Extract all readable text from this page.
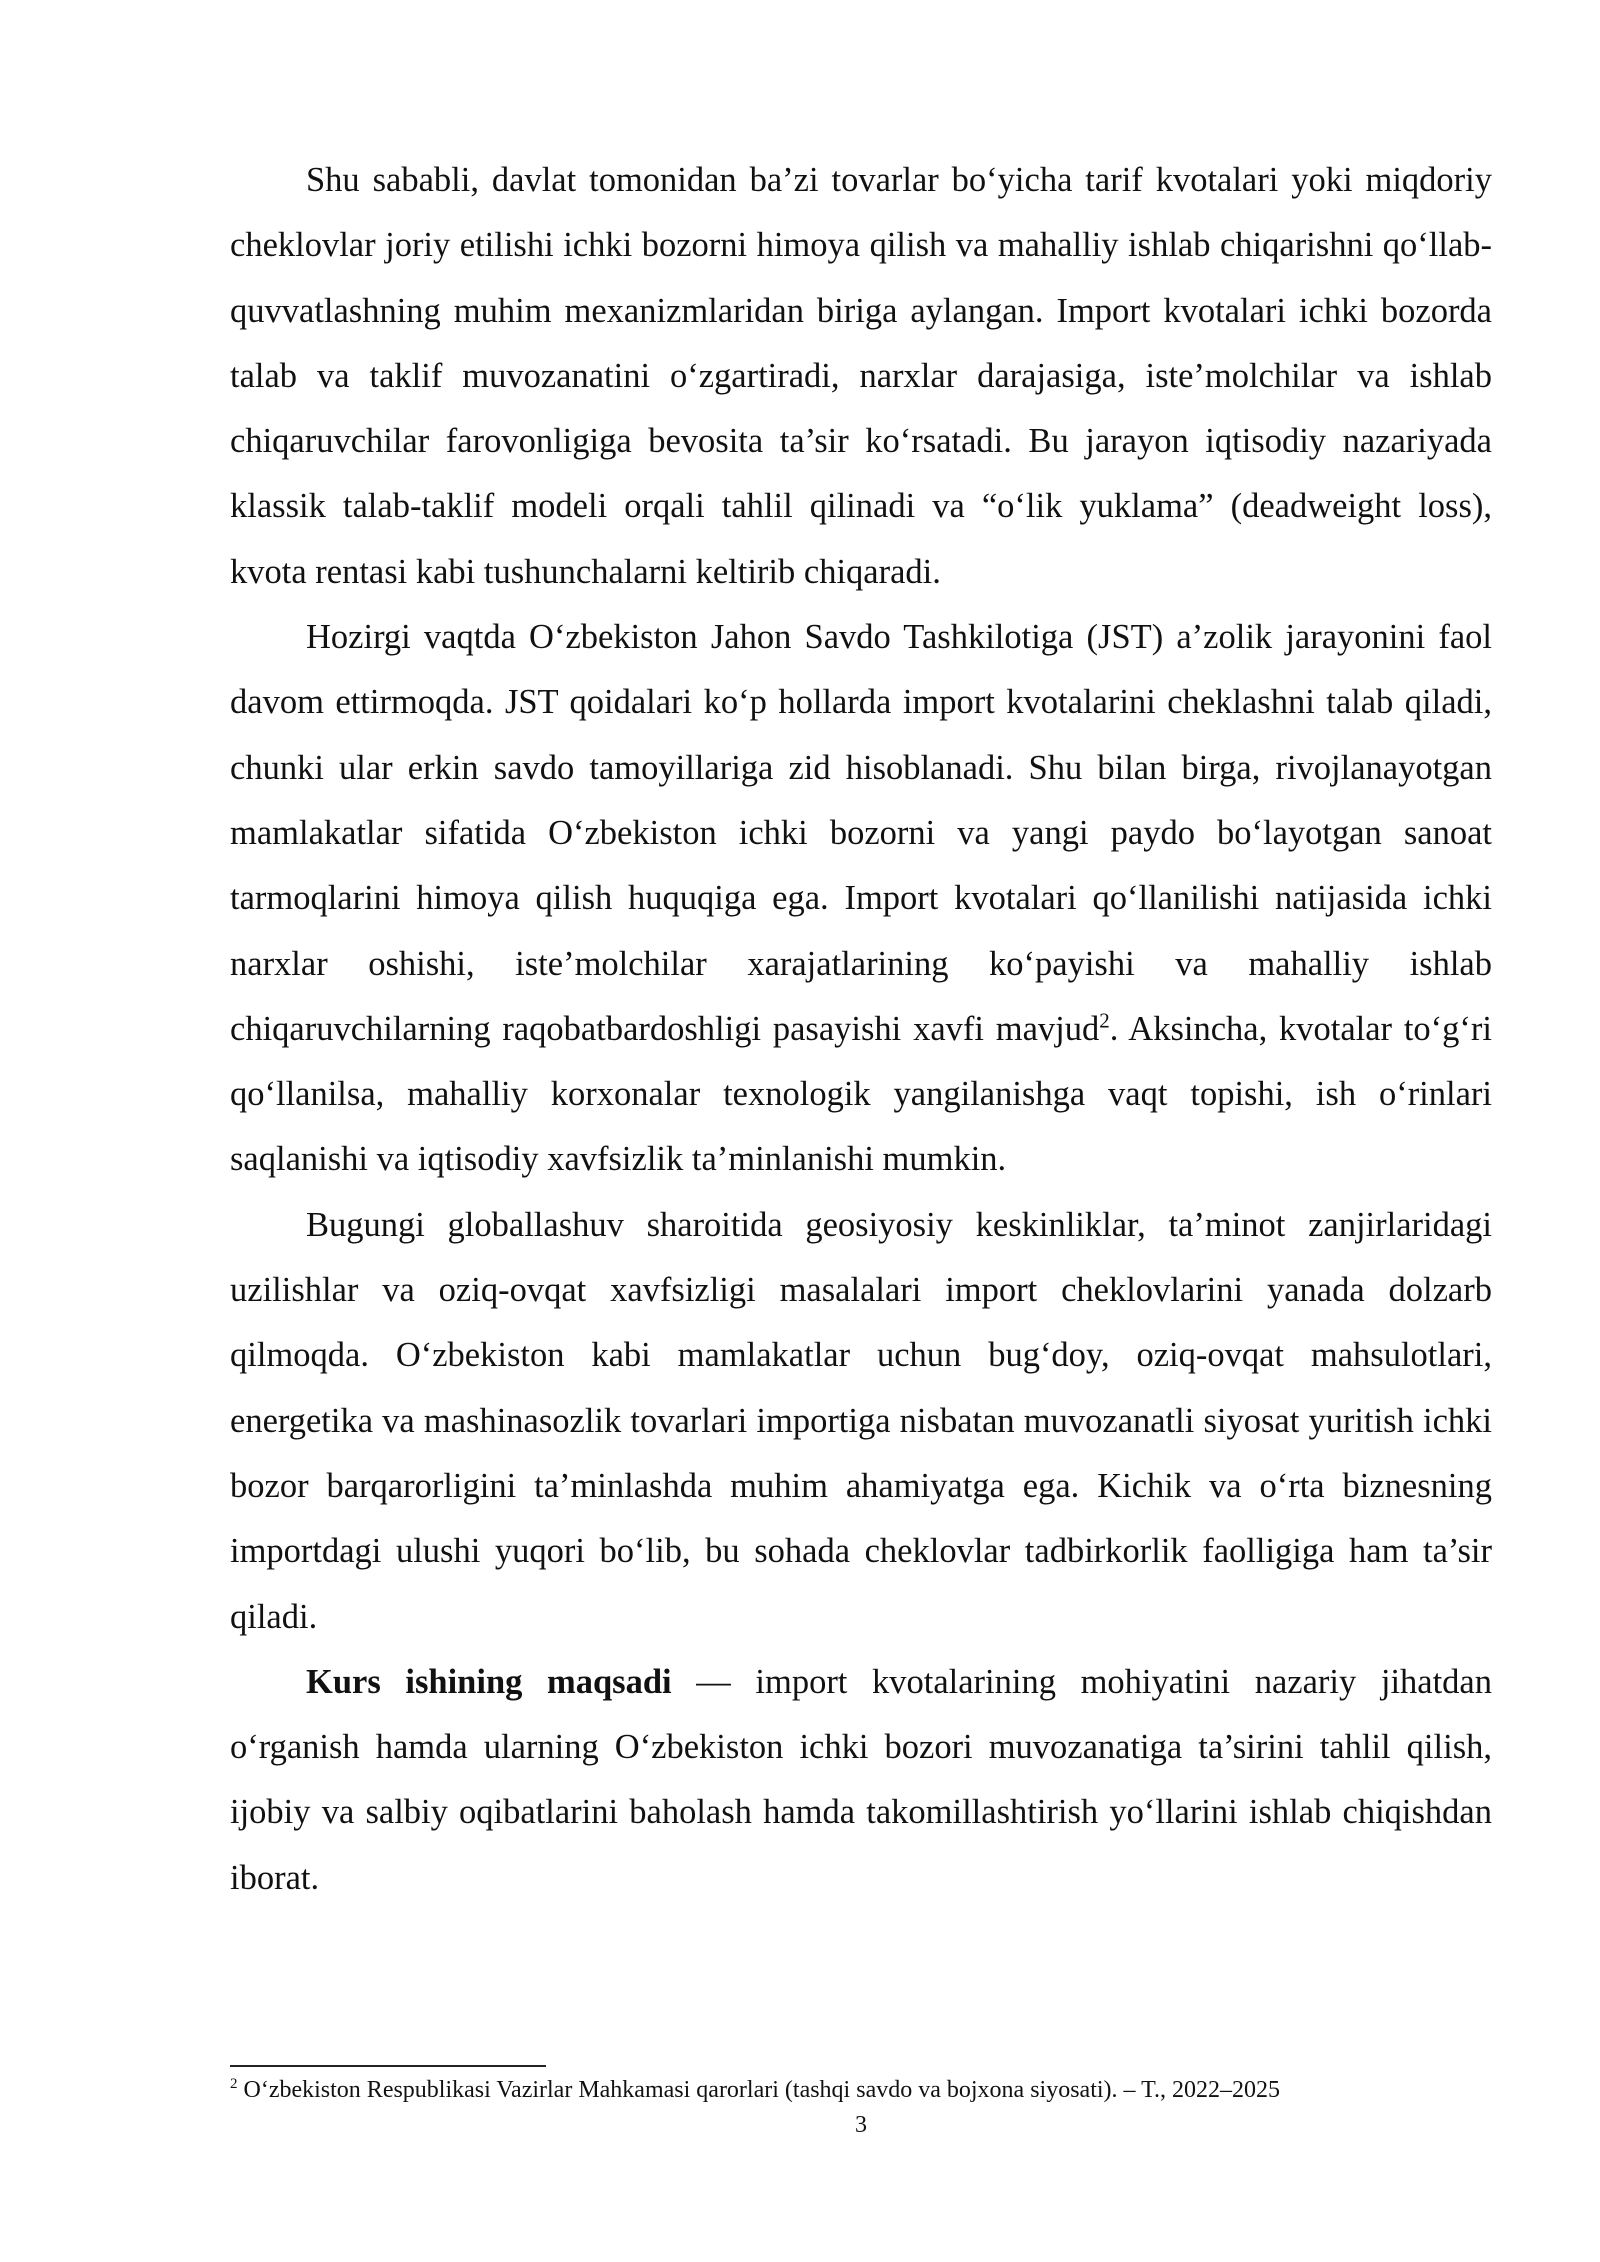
Shu sababli, davlat tomonidan ba’zi tovarlar bo‘yicha tarif kvotalari yoki miqdoriy cheklovlar joriy etilishi ichki bozorni himoya qilish va mahalliy ishlab chiqarishni qo‘llab-quvvatlashning muhim mexanizmlaridan biriga aylangan. Import kvotalari ichki bozorda talab va taklif muvozanatini o‘zgartiradi, narxlar darajasiga, iste’molchilar va ishlab chiqaruvchilar farovonligiga bevosita ta’sir ko‘rsatadi. Bu jarayon iqtisodiy nazariyada klassik talab-taklif modeli orqali tahlil qilinadi va “o‘lik yuklama” (deadweight loss), kvota rentasi kabi tushunchalarni keltirib chiqaradi.

Hozirgi vaqtda O‘zbekiston Jahon Savdo Tashkilotiga (JST) a’zolik jarayonini faol davom ettirmoqda. JST qoidalari ko‘p hollarda import kvotalarini cheklashni talab qiladi, chunki ular erkin savdo tamoyillariga zid hisoblanadi. Shu bilan birga, rivojlanayotgan mamlakatlar sifatida O‘zbekiston ichki bozorni va yangi paydo bo‘layotgan sanoat tarmoqlarini himoya qilish huquqiga ega. Import kvotalari qo‘llanilishi natijasida ichki narxlar oshishi, iste’molchilar xarajatlarining ko‘payishi va mahalliy ishlab chiqaruvchilarning raqobatbardoshligi pasayishi xavfi mavjud$^2$. Aksincha, kvotalar to‘g‘ri qo‘llanilsa, mahalliy korxonalar texnologik yangilanishga vaqt topishi, ish o‘rinlari saqlanishi va iqtisodiy xavfsizlik ta’minlanishi mumkin.

Bugungi globallashuv sharoitida geosiyosiy keskinliklar, ta’minot zanjirlaridagi uzilishlar va oziq-ovqat xavfsizligi masalalari import cheklovlarini yanada dolzarb qilmoqda. O‘zbekiston kabi mamlakatlar uchun bug‘doy, oziq-ovqat mahsulotlari, energetika va mashinasozlik tovarlari importiga nisbatan muvozanatli siyosat yuritish ichki bozor barqarorligini ta’minlashda muhim ahamiyatga ega. Kichik va o‘rta biznesning importdagi ulushi yuqori bo‘lib, bu sohada cheklovlar tadbirkorlik faolligiga ham ta’sir qiladi.

Kurs ishining maqsadi — import kvotalarining mohiyatini nazariy jihatdan o‘rganish hamda ularning O‘zbekiston ichki bozori muvozanatiga ta’sirini tahlil qilish, ijobiy va salbiy oqibatlarini baholash hamda takomillashtirish yo‘llarini ishlab chiqishdan iborat.

$^2$ O‘zbekiston Respublikasi Vazirlar Mahkamasi qarorlari (tashqi savdo va bojxona siyosati). – T., 2022–2025

3
